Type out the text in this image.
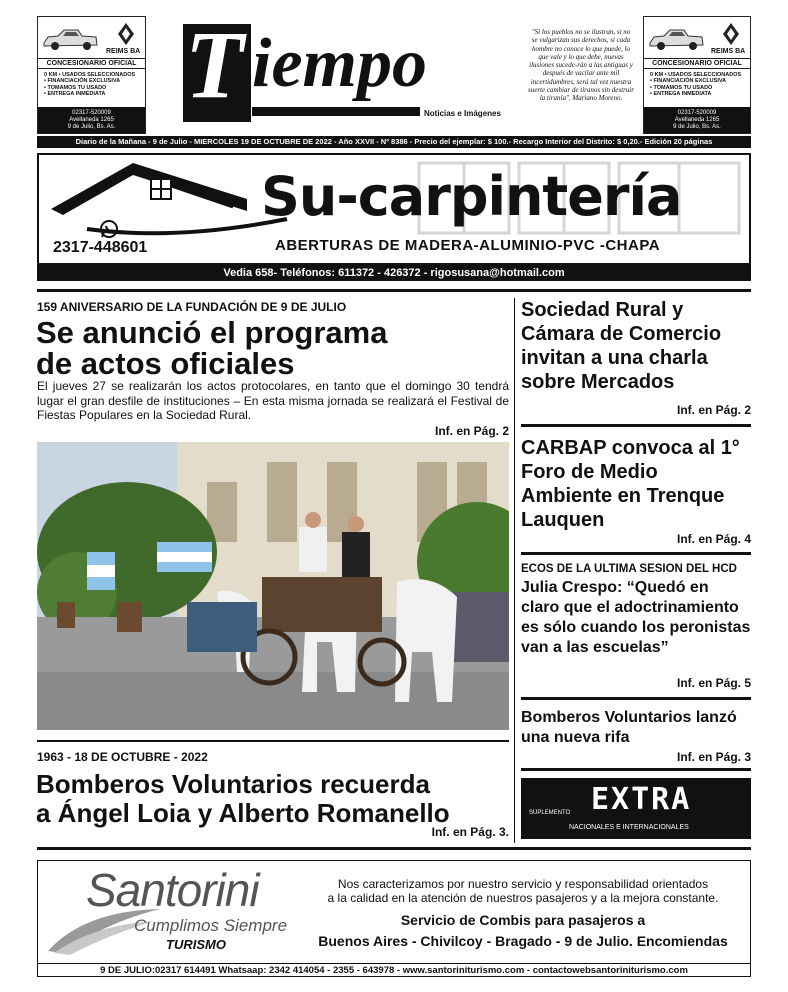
REIMS BA
CONCESIONARIO OFICIAL
0 KM • USADOS SELECCIONADOS
• FINANCIACIÓN EXCLUSIVA
• TOMAMOS TU USADO
• ENTREGA INMEDIATA
02317-520009
Avellaneda 1265
9 de Julio, Bs. As.
T iempo
Noticias e Imágenes
"Si los pueblos no se ilustran, si no se vulgarizan sus derechos, si cada hombre no conoce lo que puede, lo que vale y lo que debe, nuevas ilusiones sucede-rán a las antiguas y después de vacilar ante mil incertidumbres, será tal vez nuestra suerte cambiar de tiranos sin destruir la tiranía". Mariano Moreno.
REIMS BA
CONCESIONARIO OFICIAL
0 KM • USADOS SELECCIONADOS
• FINANCIACIÓN EXCLUSIVA
• TOMAMOS TU USADO
• ENTREGA INMEDIATA
02317-520009
Avellaneda 1265
9 de Julio, Bs. As.
Diario de la Mañana - 9 de Julio - MIERCOLES 19 DE OCTUBRE DE 2022 - Año XXVII - Nº 8386 - Precio del ejemplar: $ 100.- Recargo Interior del Distrito: $ 0,20.- Edición 20 páginas
Su-carpintería
2317-448601	ABERTURAS DE MADERA-ALUMINIO-PVC -CHAPA
Vedia 658- Teléfonos: 611372 - 426372 - rigosusana@hotmail.com
159 ANIVERSARIO DE LA FUNDACIÓN DE 9 DE JULIO
Se anunció el programa
de actos oficiales
El jueves 27 se realizarán los actos protocolares, en tanto que el domingo 30 tendrá lugar el gran desfile de instituciones – En esta misma jornada se realizará el Festival de Fiestas Populares en la Sociedad Rural.
Inf. en Pág. 2
1963 - 18 DE OCTUBRE - 2022
Bomberos Voluntarios recuerda
a Ángel Loia y Alberto Romanello
Inf. en Pág. 3.
Sociedad Rural y Cámara de Comercio invitan a una charla sobre Mercados
Inf. en Pág. 2
CARBAP convoca al 1° Foro de Medio Ambiente en Trenque Lauquen
Inf. en Pág. 4
ECOS DE LA ULTIMA SESION DEL HCD
Julia Crespo: “Quedó en claro que el adoctrinamiento es sólo cuando los peronistas van a las escuelas”
Inf. en Pág. 5
Bomberos Voluntarios lanzó una nueva rifa
Inf. en Pág. 3
SUPLEMENTO EXTRA
NACIONALES E INTERNACIONALES
Santorini
Cumplimos Siempre
TURISMO
Nos caracterizamos por nuestro servicio y responsabilidad orientados
a la calidad en la atención de nuestros pasajeros y a la mejora constante.
Servicio de Combis para pasajeros a
Buenos Aires - Chivilcoy - Bragado - 9 de Julio. Encomiendas
9 DE JULIO:02317 614491 Whatsaap: 2342 414054 - 2355 - 643978 - www.santoriniturismo.com - contactowebsantoriniturismo.com
